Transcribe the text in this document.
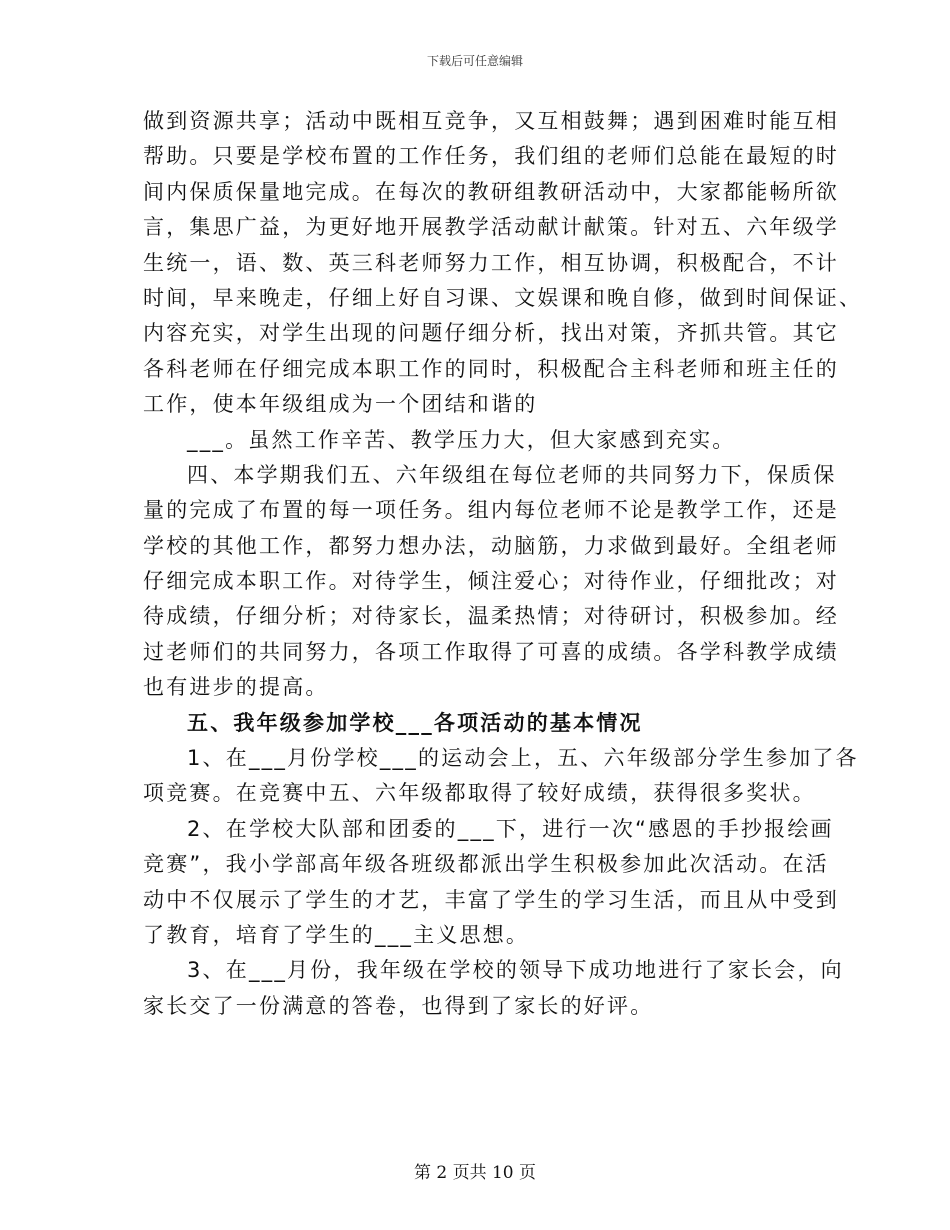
下载后可任意编辑
做到资源共享；活动中既相互竞争，又互相鼓舞；遇到困难时能互相
帮助。只要是学校布置的工作任务，我们组的老师们总能在最短的时
间内保质保量地完成。在每次的教研组教研活动中，大家都能畅所欲
言，集思广益，为更好地开展教学活动献计献策。针对五、六年级学
生统一，语、数、英三科老师努力工作，相互协调，积极配合，不计
时间，早来晚走，仔细上好自习课、文娱课和晚自修，做到时间保证、
内容充实，对学生出现的问题仔细分析，找出对策，齐抓共管。其它
各科老师在仔细完成本职工作的同时，积极配合主科老师和班主任的
工作，使本年级组成为一个团结和谐的
___。虽然工作辛苦、教学压力大，但大家感到充实。
四、本学期我们五、六年级组在每位老师的共同努力下，保质保
量的完成了布置的每一项任务。组内每位老师不论是教学工作，还是
学校的其他工作，都努力想办法，动脑筋，力求做到最好。全组老师
仔细完成本职工作。对待学生，倾注爱心；对待作业，仔细批改；对
待成绩，仔细分析；对待家长，温柔热情；对待研讨，积极参加。经
过老师们的共同努力，各项工作取得了可喜的成绩。各学科教学成绩
也有进步的提高。
五、我年级参加学校___各项活动的基本情况
1、在___月份学校___的运动会上，五、六年级部分学生参加了各
项竞赛。在竞赛中五、六年级都取得了较好成绩，获得很多奖状。
2、在学校大队部和团委的___下，进行一次“感恩的手抄报绘画
竞赛”，我小学部高年级各班级都派出学生积极参加此次活动。在活
动中不仅展示了学生的才艺，丰富了学生的学习生活，而且从中受到
了教育，培育了学生的___主义思想。
3、在___月份，我年级在学校的领导下成功地进行了家长会，向
家长交了一份满意的答卷，也得到了家长的好评。
第 2 页共 10 页
